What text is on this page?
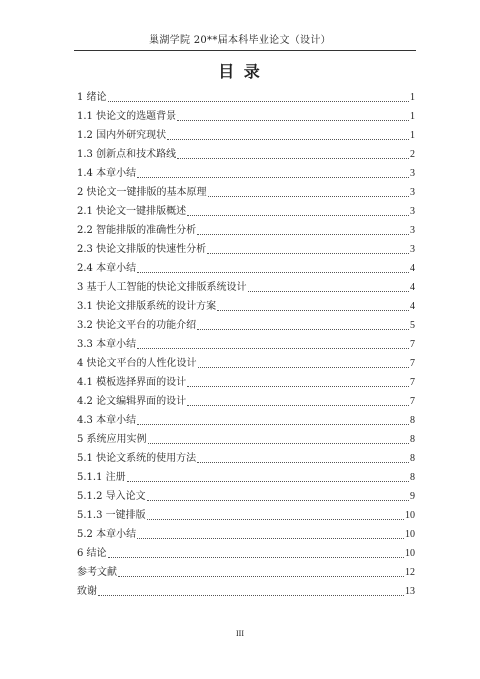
巢湖学院 20**届本科毕业论文（设计）
目 录
1 绪论	1
1.1 快论文的选题背景	1
1.2 国内外研究现状	1
1.3 创新点和技术路线	2
1.4 本章小结	3
2 快论文一键排版的基本原理	3
2.1 快论文一键排版概述	3
2.2 智能排版的准确性分析	3
2.3 快论文排版的快速性分析	3
2.4 本章小结	4
3 基于人工智能的快论文排版系统设计	4
3.1 快论文排版系统的设计方案	4
3.2 快论文平台的功能介绍	5
3.3 本章小结	7
4 快论文平台的人性化设计	7
4.1 模板选择界面的设计	7
4.2 论文编辑界面的设计	7
4.3 本章小结	8
5 系统应用实例	8
5.1 快论文系统的使用方法	8
5.1.1 注册	8
5.1.2 导入论文	9
5.1.3 一键排版	10
5.2 本章小结	10
6 结论	10
参考文献	12
致谢	13
III
